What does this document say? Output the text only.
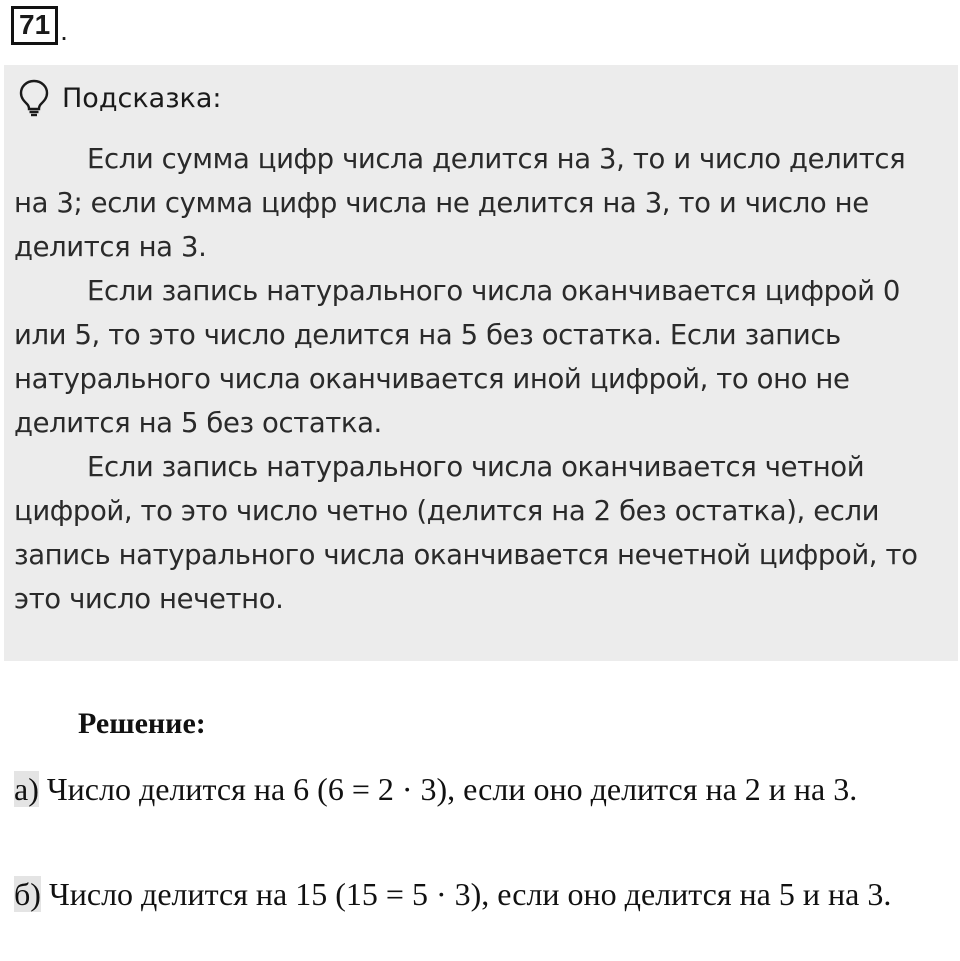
71 .
Подсказка:

Если сумма цифр числа делится на 3, то и число делится на 3; если сумма цифр числа не делится на 3, то и число не делится на 3.

Если запись натурального числа оканчивается цифрой 0 или 5, то это число делится на 5 без остатка. Если запись натурального числа оканчивается иной цифрой, то оно не делится на 5 без остатка.

Если запись натурального числа оканчивается четной цифрой, то это число четно (делится на 2 без остатка), если запись натурального числа оканчивается нечетной цифрой, то это число нечетно.

Решение:
а) Число делится на 6 (6 = 2 · 3), если оно делится на 2 и на 3.
б) Число делится на 15 (15 = 5 · 3), если оно делится на 5 и на 3.
